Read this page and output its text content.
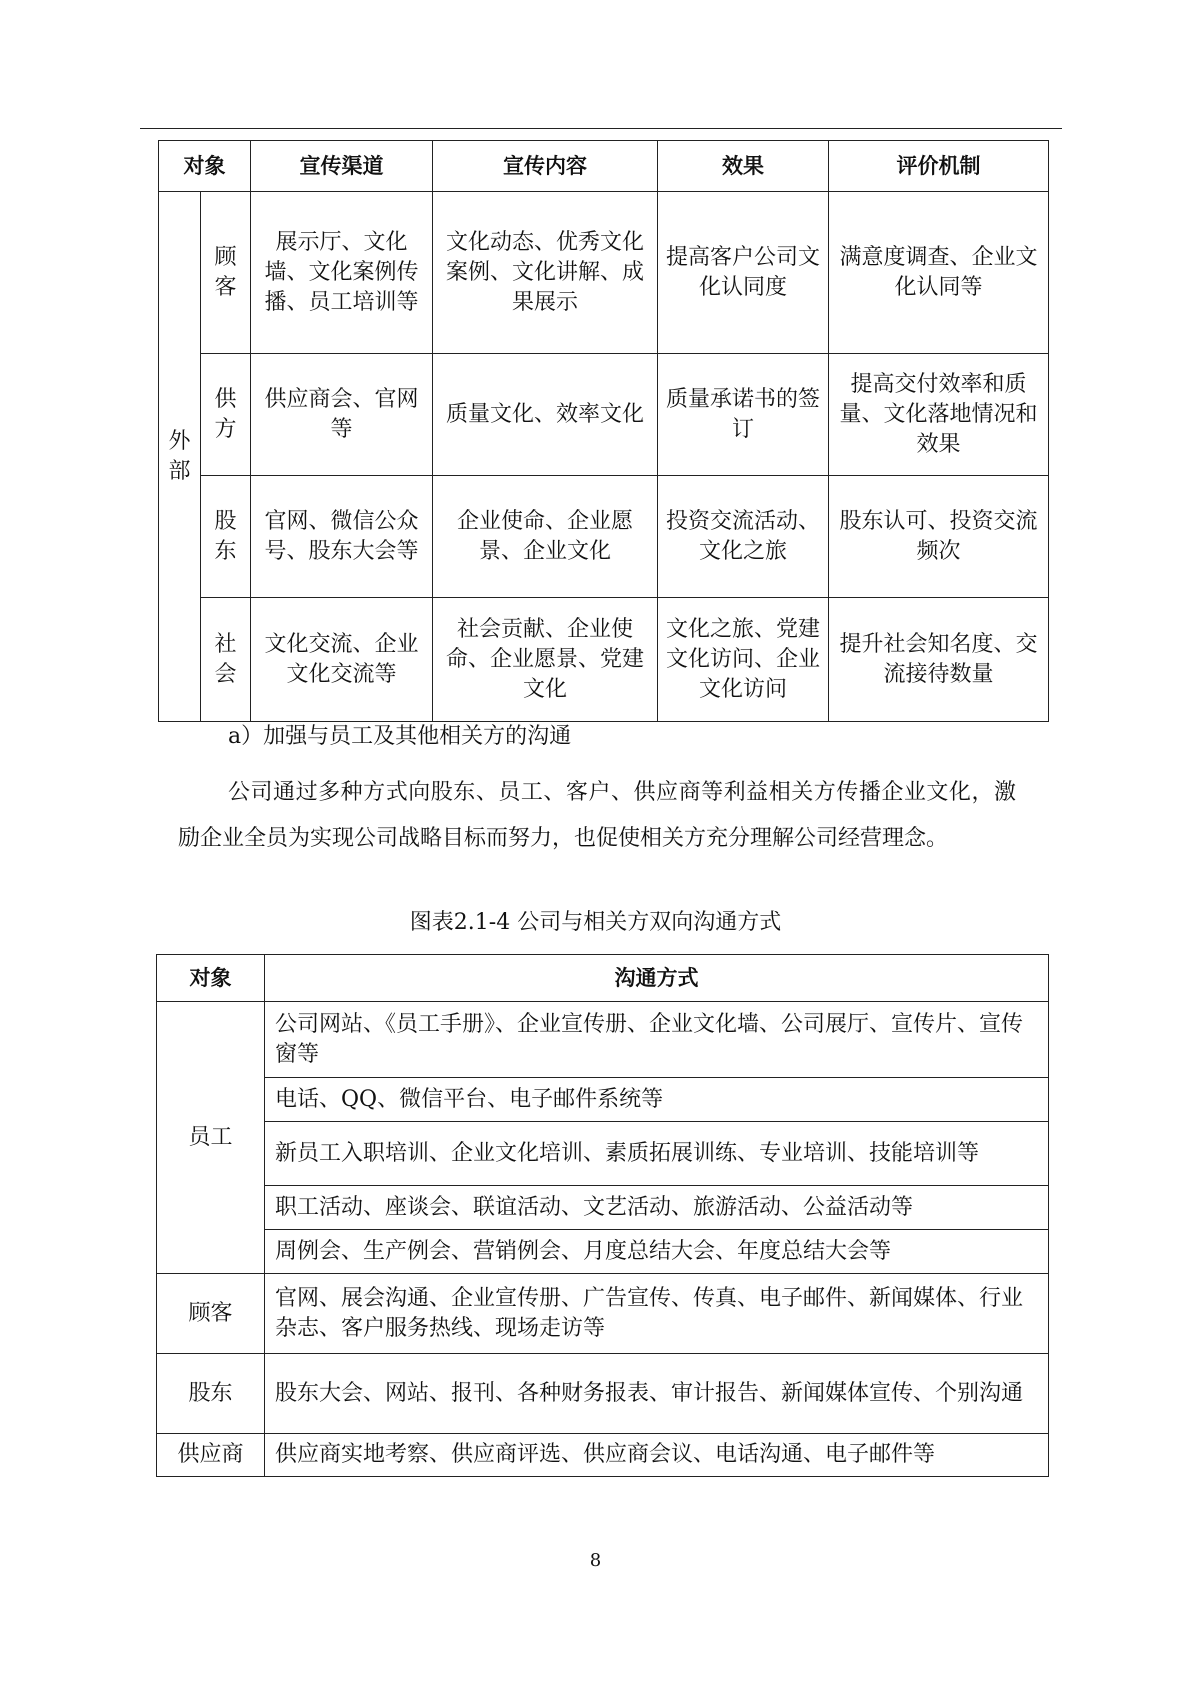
对象		宣传渠道	宣传内容	效果	评价机制

外部	顾客	展示厅、文化墙、文化案例传播、员工培训等	文化动态、优秀文化案例、文化讲解、成果展示	提高客户公司文化认同度	满意度调查、企业文化认同等

	供方	供应商会、官网等	质量文化、效率文化	质量承诺书的签订	提高交付效率和质量、文化落地情况和效果

	股东	官网、微信公众号、股东大会等	企业使命、企业愿景、企业文化	投资交流活动、文化之旅	股东认可、投资交流频次

	社会	文化交流、企业文化交流等	社会贡献、企业使命、企业愿景、党建文化	文化之旅、党建文化访问、企业文化访问	提升社会知名度、交流接待数量

a）加强与员工及其他相关方的沟通

公司通过多种方式向股东、员工、客户、供应商等利益相关方传播企业文化，激励企业全员为实现公司战略目标而努力，也促使相关方充分理解公司经营理念。

图表2.1-4 公司与相关方双向沟通方式

对象	沟通方式
员工	公司网站、《员工手册》、企业宣传册、企业文化墙、公司展厅、宣传片、宣传窗等
	电话、QQ、微信平台、电子邮件系统等
	新员工入职培训、企业文化培训、素质拓展训练、专业培训、技能培训等
	职工活动、座谈会、联谊活动、文艺活动、旅游活动、公益活动等
	周例会、生产例会、营销例会、月度总结大会、年度总结大会等
顾客	官网、展会沟通、企业宣传册、广告宣传、传真、电子邮件、新闻媒体、行业杂志、客户服务热线、现场走访等
股东	股东大会、网站、报刊、各种财务报表、审计报告、新闻媒体宣传、个别沟通
供应商	供应商实地考察、供应商评选、供应商会议、电话沟通、电子邮件等
8
